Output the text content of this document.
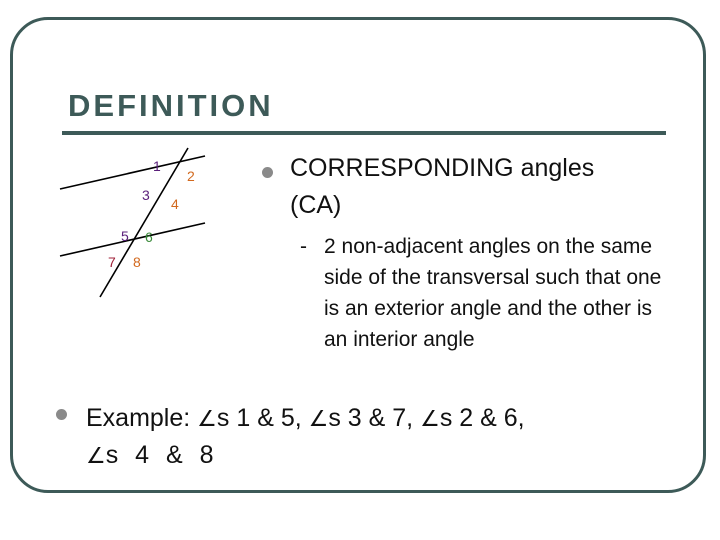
DEFINITION
1
2
3
4
5 6
7 8

CORRESPONDING angles (CA)

- 2 non-adjacent angles on the same side of the transversal such that one is an exterior angle and the other is an interior angle

Example: ∠s 1 & 5, ∠s 3 & 7, ∠s 2 & 6,
∠s 4 & 8
